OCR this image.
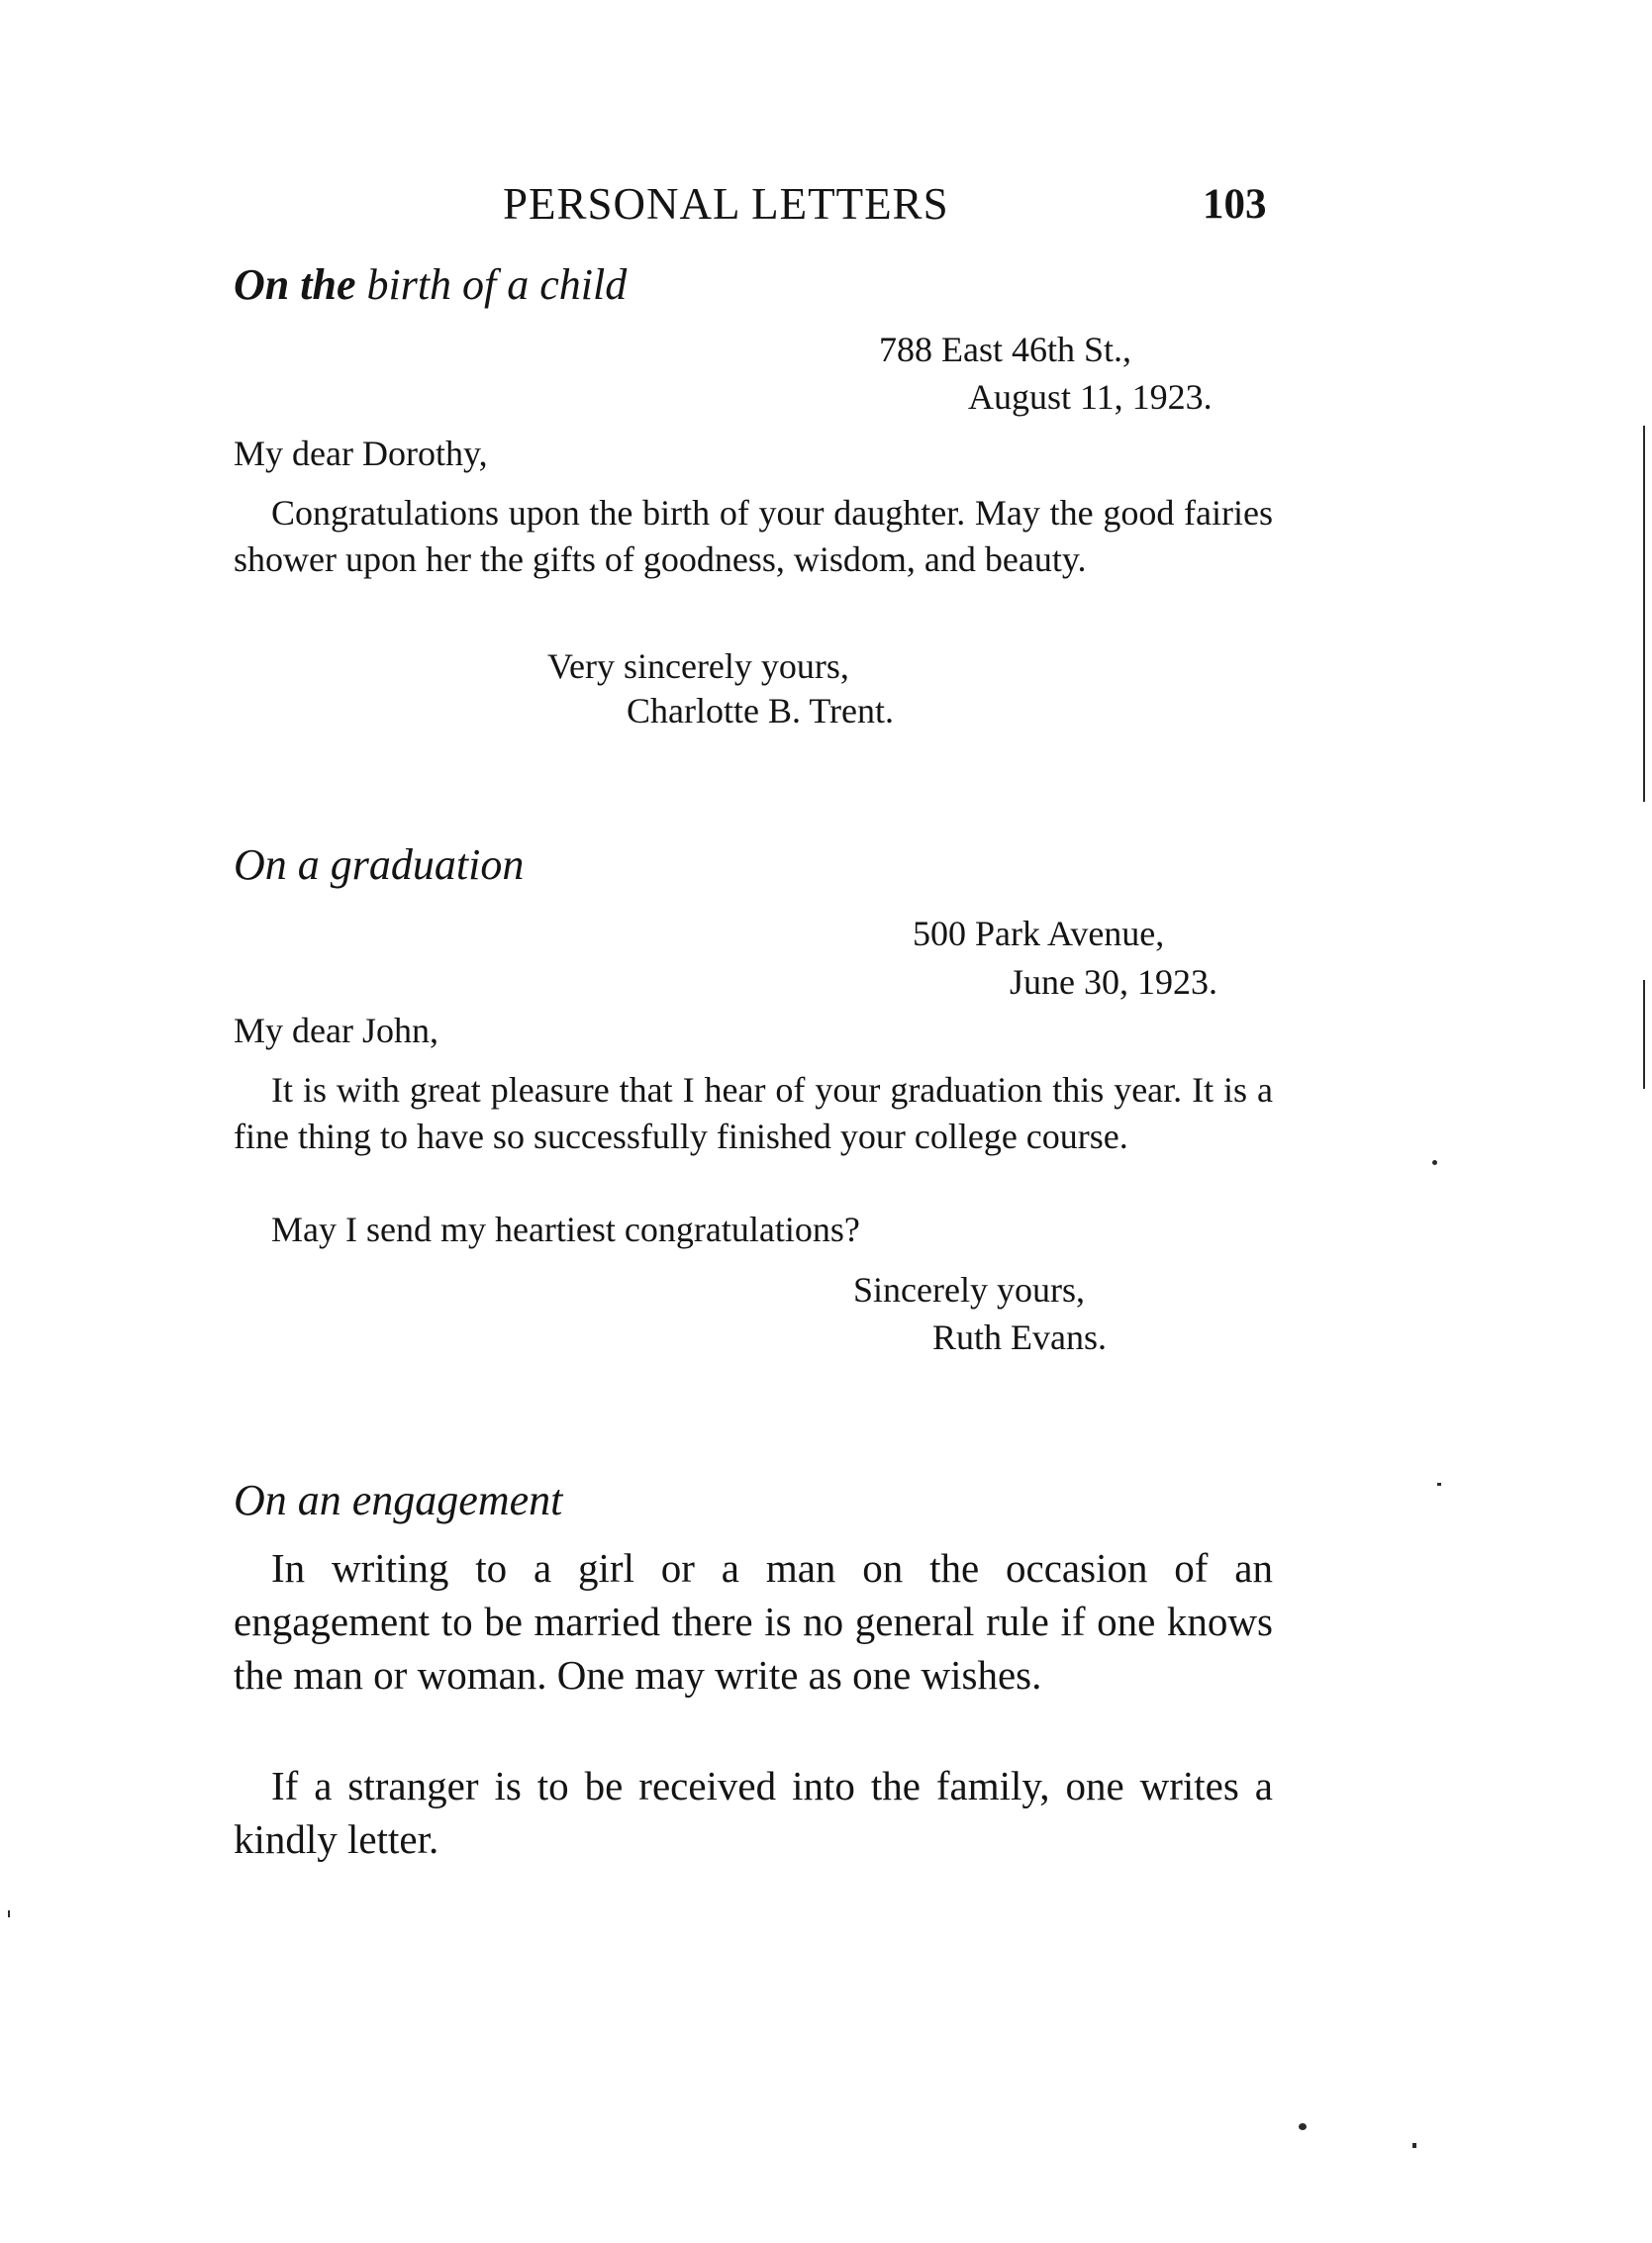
PERSONAL LETTERS	103
On the birth of a child
788 East 46th St.,
August 11, 1923.
My dear Dorothy,
Congratulations upon the birth of your daughter. May the good fairies shower upon her the gifts of goodness, wisdom, and beauty.
Very sincerely yours,
Charlotte B. Trent.
On a graduation
500 Park Avenue,
June 30, 1923.
My dear John,
It is with great pleasure that I hear of your graduation this year. It is a fine thing to have so successfully finished your college course.
May I send my heartiest congratulations?
Sincerely yours,
Ruth Evans.
On an engagement
In writing to a girl or a man on the occasion of an engagement to be married there is no general rule if one knows the man or woman. One may write as one wishes.
If a stranger is to be received into the family, one writes a kindly letter.
